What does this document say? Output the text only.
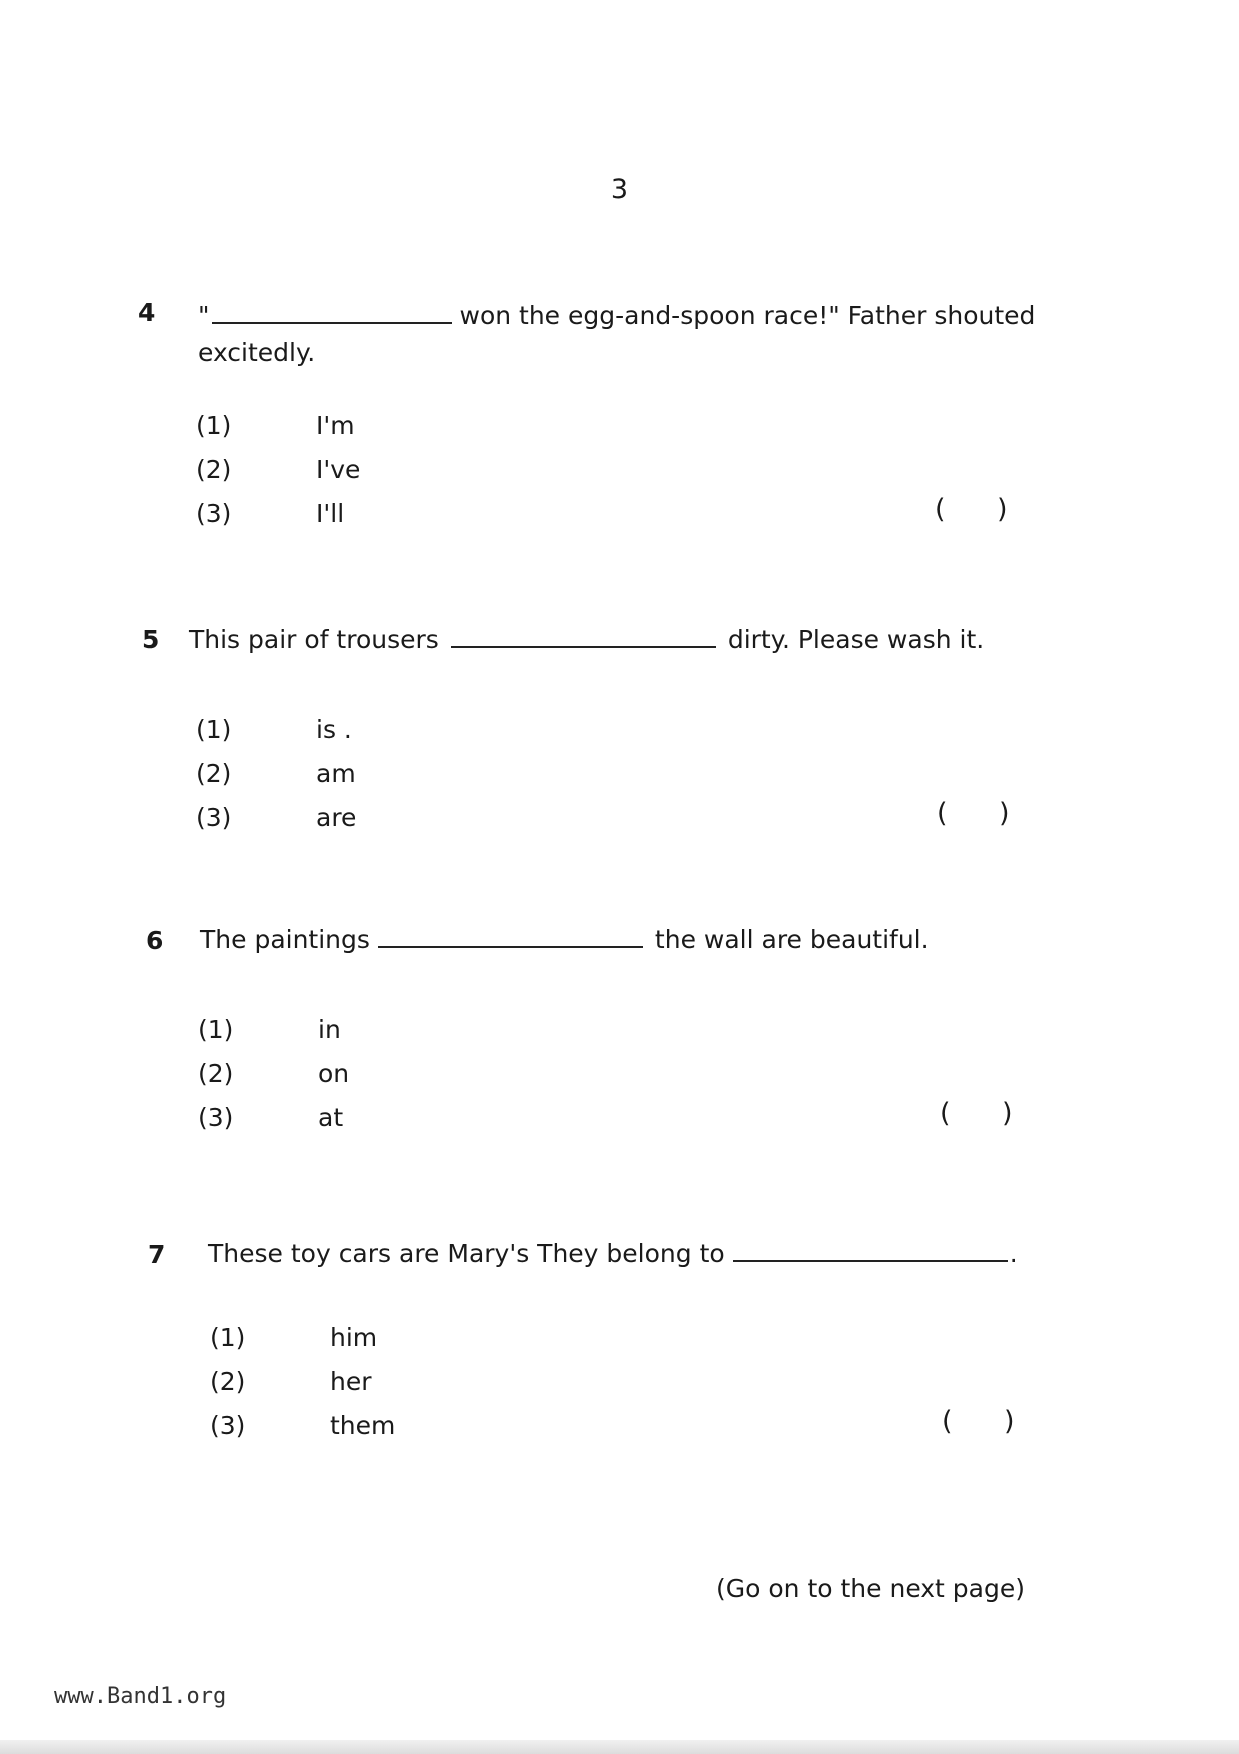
3
4 "	won the egg-and-spoon race!" Father shouted
excitedly.
(1)	I'm
(2)	I've
(3)	I'll	(      )
5 This pair of trousers	dirty. Please wash it.
(1)	is .
(2)	am
(3)	are	(      )
6 The paintings	the wall are beautiful.
(1)	in
(2)	on
(3)	at	(      )
7 These toy cars are Mary's They belong to	.
(1)	him
(2)	her
(3)	them	(      )
(Go on to the next page)
www.Band1.org
